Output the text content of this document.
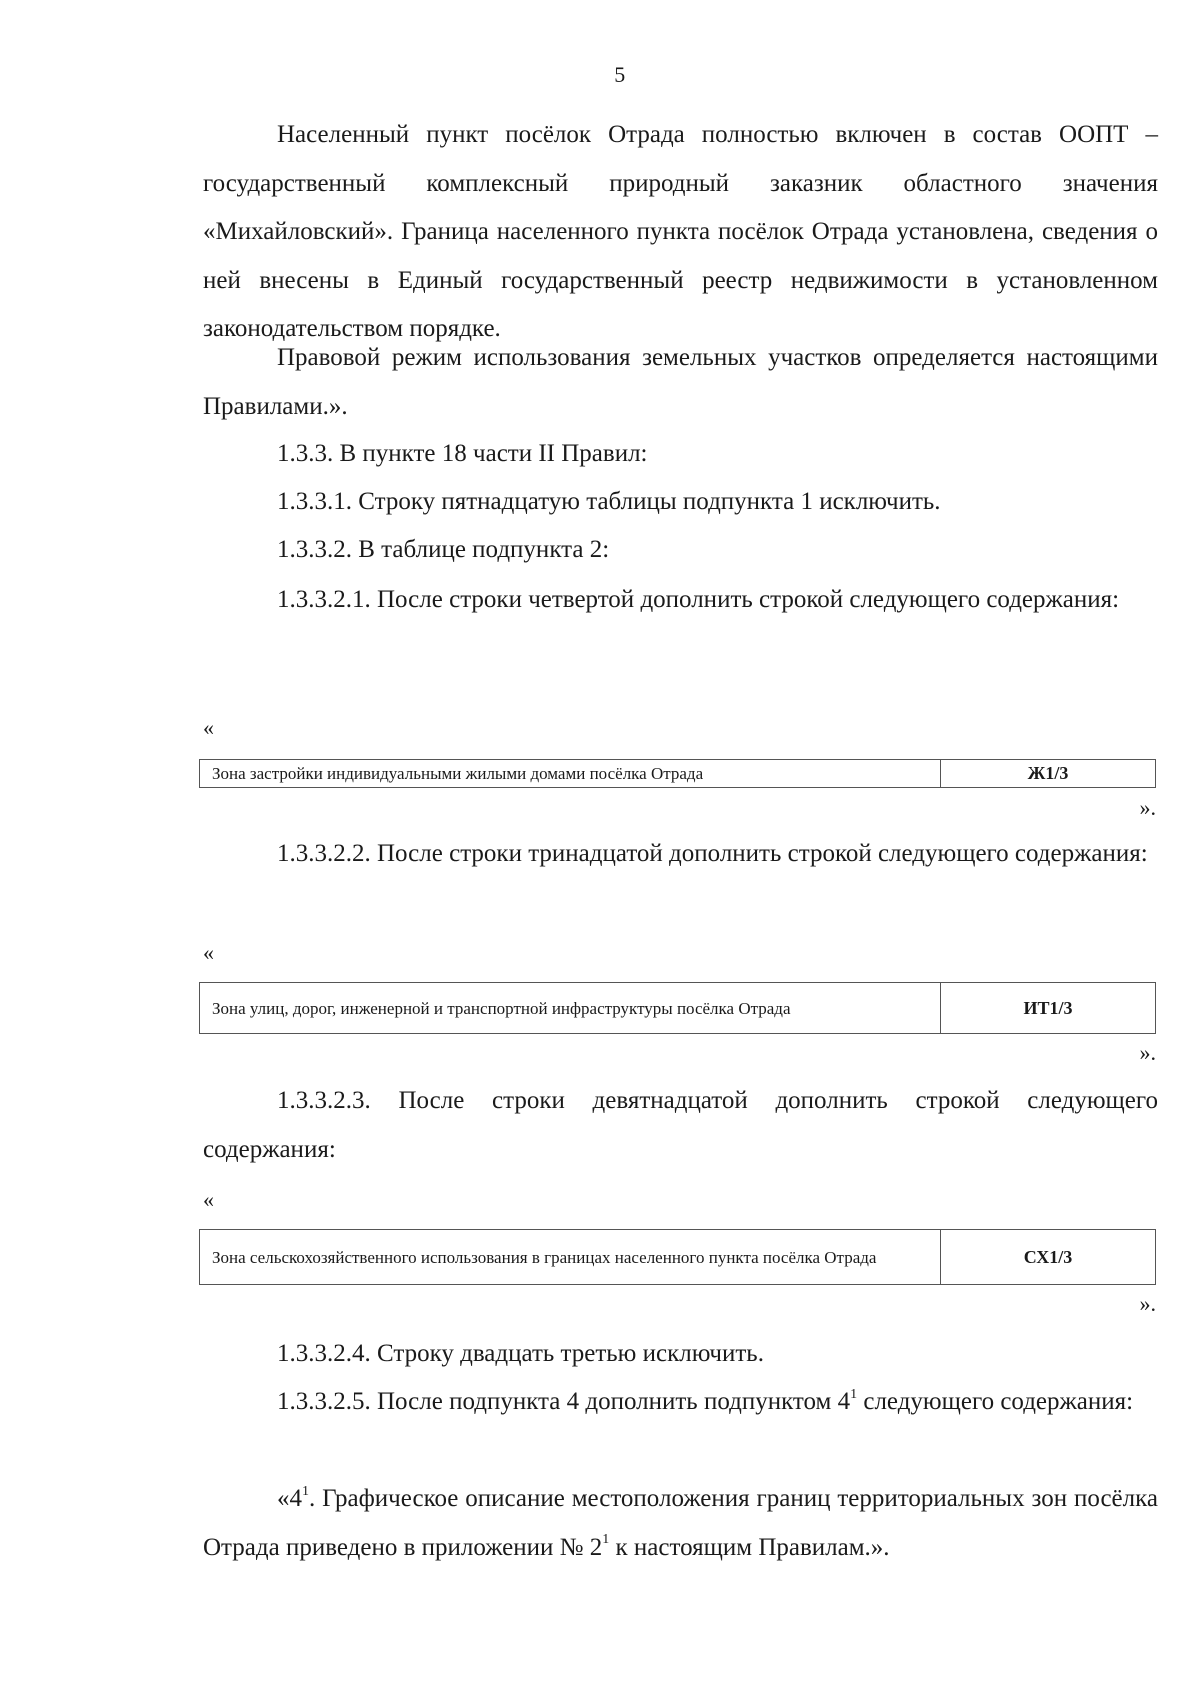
5

Населенный пункт посёлок Отрада полностью включен в состав ООПТ – государственный комплексный природный заказник областного значения «Михайловский». Граница населенного пункта посёлок Отрада установлена, сведения о ней внесены в Единый государственный реестр недвижимости в установленном законодательством порядке.

Правовой режим использования земельных участков определяется настоящими Правилами.».

1.3.3. В пункте 18 части II Правил:

1.3.3.1. Строку пятнадцатую таблицы подпункта 1 исключить.

1.3.3.2. В таблице подпункта 2:

1.3.3.2.1. После строки четвертой дополнить строкой следующего содержания:

«
Зона застройки индивидуальными жилыми домами посёлка Отрада	Ж1/3
».

1.3.3.2.2. После строки тринадцатой дополнить строкой следующего содержания:

«
Зона улиц, дорог, инженерной и транспортной инфраструктуры посёлка Отрада	ИТ1/3
».

1.3.3.2.3. После строки девятнадцатой дополнить строкой следующего содержания:

«
Зона сельскохозяйственного использования в границах населенного пункта посёлка Отрада	СХ1/3
».

1.3.3.2.4. Строку двадцать третью исключить.

1.3.3.2.5. После подпункта 4 дополнить подпунктом $4^1$ следующего содержания:

«$4^1$. Графическое описание местоположения границ территориальных зон посёлка Отрада приведено в приложении № $2^1$ к настоящим Правилам.».
